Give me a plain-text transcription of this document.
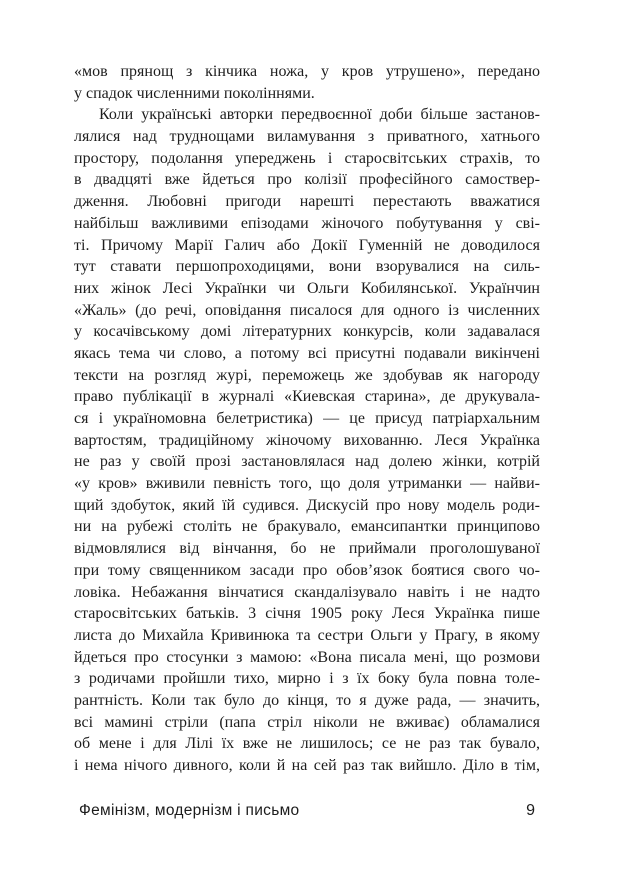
«мов прянощ з кінчика ножа, у кров утрушено», передано
у спадок численними поколіннями.
Коли українські авторки передвоєнної доби більше застанов-
лялися над труднощами виламування з приватного, хатнього
простору, подолання упереджень і старосвітських страхів, то
в двадцяті вже йдеться про колізії професійного самоствер-
дження. Любовні пригоди нарешті перестають вважатися
найбільш важливими епізодами жіночого побутування у сві-
ті. Причому Марії Галич або Докії Гуменній не доводилося
тут ставати першопроходицями, вони взорувалися на силь-
них жінок Лесі Українки чи Ольги Кобилянської. Українчин
«Жаль» (до речі, оповідання писалося для одного із численних
у косачівському домі літературних конкурсів, коли задавалася
якась тема чи слово, а потому всі присутні подавали викінчені
тексти на розгляд журі, переможець же здобував як нагороду
право публікації в журналі «Киевская старина», де друкувала-
ся і україномовна белетристика) — це присуд патріархальним
вартостям, традиційному жіночому вихованню. Леся Українка
не раз у своїй прозі застановлялася над долею жінки, котрій
«у кров» вживили певність того, що доля утриманки — найви-
щий здобуток, який їй судився. Дискусій про нову модель роди-
ни на рубежі століть не бракувало, емансипантки принципово
відмовлялися від вінчання, бо не приймали проголошуваної
при тому священником засади про обов’язок боятися свого чо-
ловіка. Небажання вінчатися скандалізувало навіть і не надто
старосвітських батьків. 3 січня 1905 року Леся Українка пише
листа до Михайла Кривинюка та сестри Ольги у Прагу, в якому
йдеться про стосунки з мамою: «Вона писала мені, що розмови
з родичами пройшли тихо, мирно і з їх боку була повна толе-
рантність. Коли так було до кінця, то я дуже рада, — значить,
всі мамині стріли (папа стріл ніколи не вживає) обламалися
об мене і для Лілі їх вже не лишилось; се не раз так бувало,
і нема нічого дивного, коли й на сей раз так вийшло. Діло в тім,
Фемінізм, модернізм і письмо	9
